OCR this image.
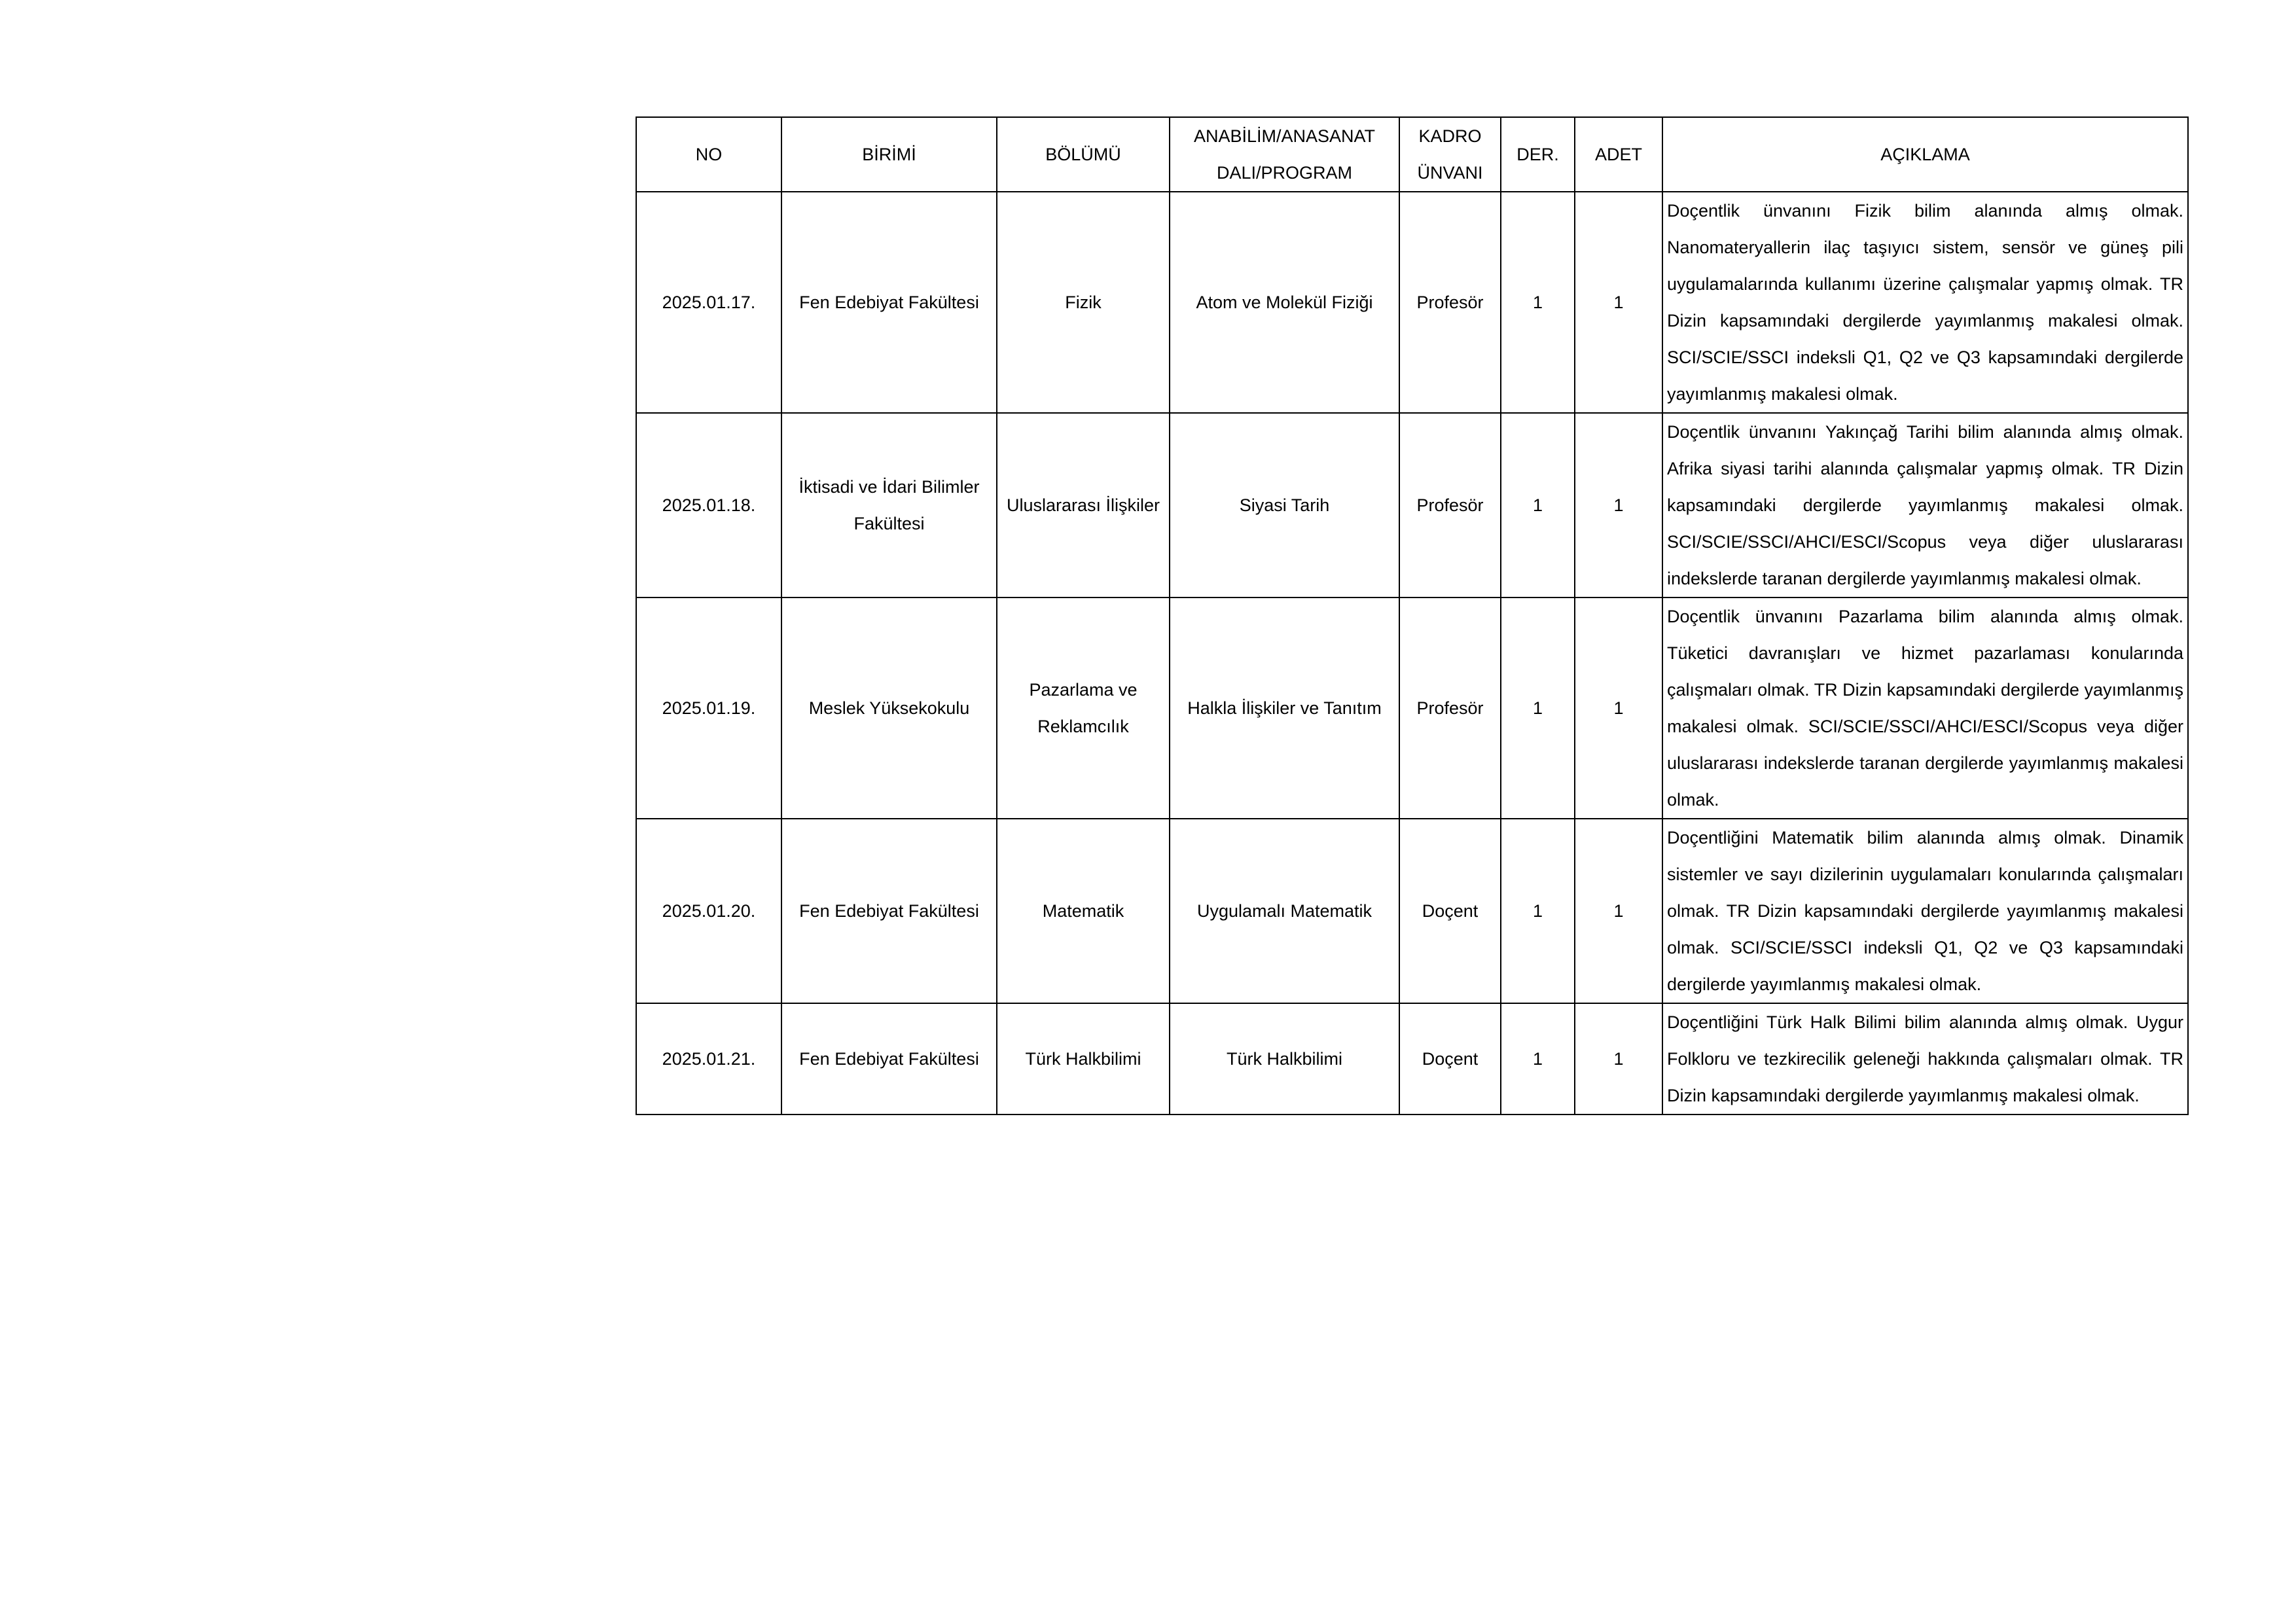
NO	BİRİMİ	BÖLÜMÜ	ANABİLİM/ANASANAT DALI/PROGRAM	KADRO ÜNVANI	DER.	ADET	AÇIKLAMA
2025.01.17.	Fen Edebiyat Fakültesi	Fizik	Atom ve Molekül Fiziği	Profesör	1	1	Doçentlik ünvanını Fizik bilim alanında almış olmak. Nanomateryallerin ilaç taşıyıcı sistem, sensör ve güneş pili uygulamalarında kullanımı üzerine çalışmalar yapmış olmak. TR Dizin kapsamındaki dergilerde yayımlanmış makalesi olmak. SCI/SCIE/SSCI indeksli Q1, Q2 ve Q3 kapsamındaki dergilerde yayımlanmış makalesi olmak.
2025.01.18.	İktisadi ve İdari Bilimler Fakültesi	Uluslararası İlişkiler	Siyasi Tarih	Profesör	1	1	Doçentlik ünvanını Yakınçağ Tarihi bilim alanında almış olmak. Afrika siyasi tarihi alanında çalışmalar yapmış olmak. TR Dizin kapsamındaki dergilerde yayımlanmış makalesi olmak. SCI/SCIE/SSCI/AHCI/ESCI/Scopus veya diğer uluslararası indekslerde taranan dergilerde yayımlanmış makalesi olmak.
2025.01.19.	Meslek Yüksekokulu	Pazarlama ve Reklamcılık	Halkla İlişkiler ve Tanıtım	Profesör	1	1	Doçentlik ünvanını Pazarlama bilim alanında almış olmak. Tüketici davranışları ve hizmet pazarlaması konularında çalışmaları olmak. TR Dizin kapsamındaki dergilerde yayımlanmış makalesi olmak. SCI/SCIE/SSCI/AHCI/ESCI/Scopus veya diğer uluslararası indekslerde taranan dergilerde yayımlanmış makalesi olmak.
2025.01.20.	Fen Edebiyat Fakültesi	Matematik	Uygulamalı Matematik	Doçent	1	1	Doçentliğini Matematik bilim alanında almış olmak. Dinamik sistemler ve sayı dizilerinin uygulamaları konularında çalışmaları olmak. TR Dizin kapsamındaki dergilerde yayımlanmış makalesi olmak. SCI/SCIE/SSCI indeksli Q1, Q2 ve Q3 kapsamındaki dergilerde yayımlanmış makalesi olmak.
2025.01.21.	Fen Edebiyat Fakültesi	Türk Halkbilimi	Türk Halkbilimi	Doçent	1	1	Doçentliğini Türk Halk Bilimi bilim alanında almış olmak. Uygur Folkloru ve tezkirecilik geleneği hakkında çalışmaları olmak. TR Dizin kapsamındaki dergilerde yayımlanmış makalesi olmak.
